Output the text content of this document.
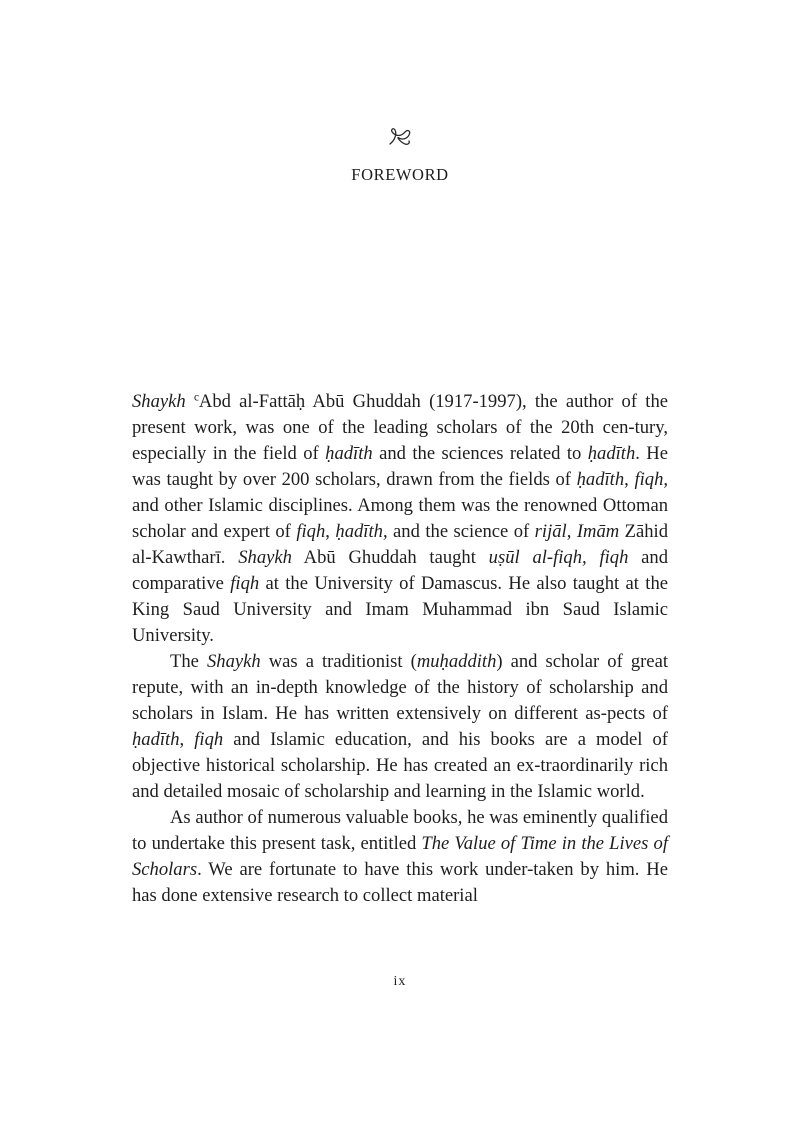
FOREWORD

Shaykh $^c$Abd al-Fattāḥ Abū Ghuddah (1917-1997), the author of the present work, was one of the leading scholars of the 20th cen-tury, especially in the field of ḥadīth and the sciences related to ḥadīth. He was taught by over 200 scholars, drawn from the fields of ḥadīth, fiqh, and other Islamic disciplines. Among them was the renowned Ottoman scholar and expert of fiqh, ḥadīth, and the science of rijāl, Imām Zāhid al-Kawtharī. Shaykh Abū Ghuddah taught uṣūl al-fiqh, fiqh and comparative fiqh at the University of Damascus. He also taught at the King Saud University and Imam Muhammad ibn Saud Islamic University.

The Shaykh was a traditionist (muḥaddith) and scholar of great repute, with an in-depth knowledge of the history of scholarship and scholars in Islam. He has written extensively on different as-pects of ḥadīth, fiqh and Islamic education, and his books are a model of objective historical scholarship. He has created an ex-traordinarily rich and detailed mosaic of scholarship and learning in the Islamic world.

As author of numerous valuable books, he was eminently qualified to undertake this present task, entitled The Value of Time in the Lives of Scholars. We are fortunate to have this work under-taken by him. He has done extensive research to collect material

ix
